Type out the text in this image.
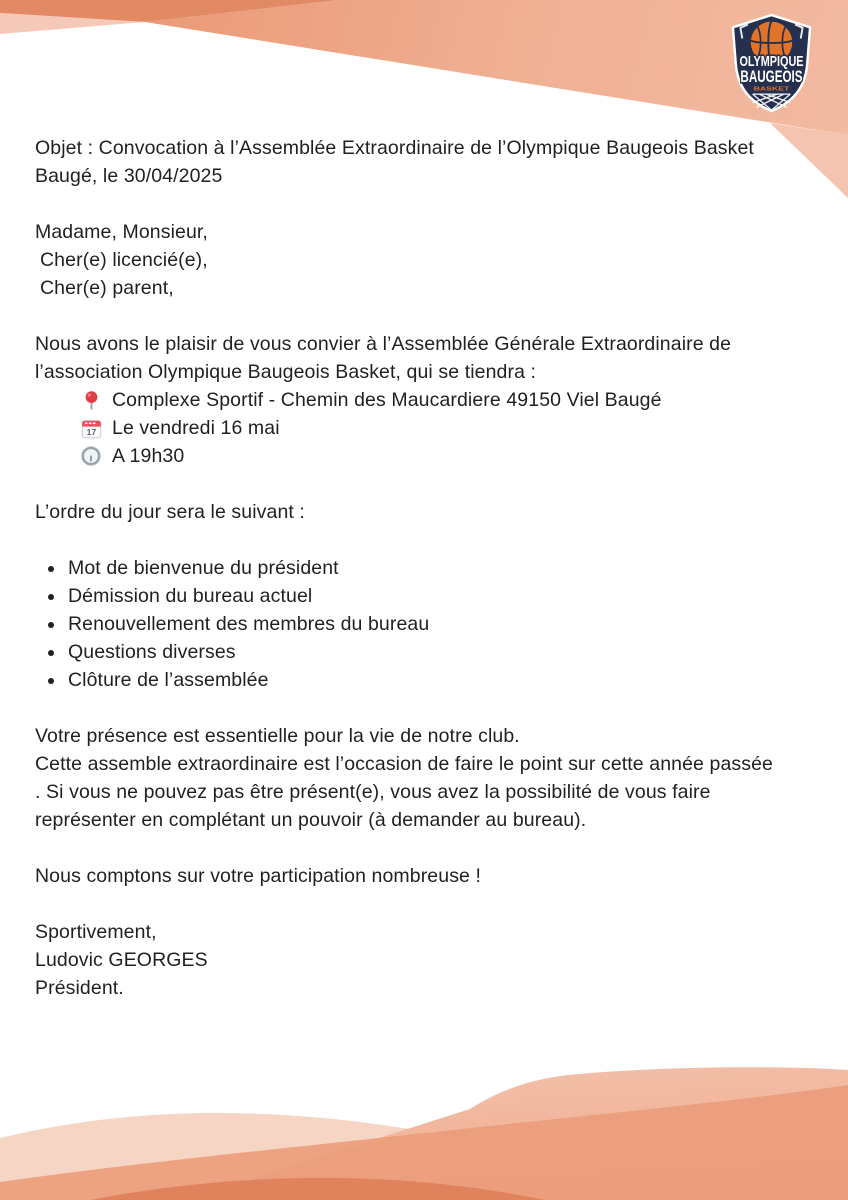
OLYMPIQUE
BAUGEOIS
BASKET
Objet : Convocation à l’Assemblée Extraordinaire de l’Olympique Baugeois Basket
Baugé, le 30/04/2025
Madame, Monsieur,
Cher(e) licencié(e),
Cher(e) parent,
Nous avons le plaisir de vous convier à l’Assemblée Générale Extraordinaire de
l’association Olympique Baugeois Basket, qui se tiendra :
Complexe Sportif - Chemin des Maucardiere 49150 Viel Baugé
17 Le vendredi 16 mai
A 19h30
L’ordre du jour sera le suivant :
• Mot de bienvenue du président
• Démission du bureau actuel
• Renouvellement des membres du bureau
• Questions diverses
• Clôture de l’assemblée
Votre présence est essentielle pour la vie de notre club.
Cette assemble extraordinaire est l’occasion de faire le point sur cette année passée
. Si vous ne pouvez pas être présent(e), vous avez la possibilité de vous faire
représenter en complétant un pouvoir (à demander au bureau).
Nous comptons sur votre participation nombreuse !
Sportivement,
Ludovic GEORGES
Président.
